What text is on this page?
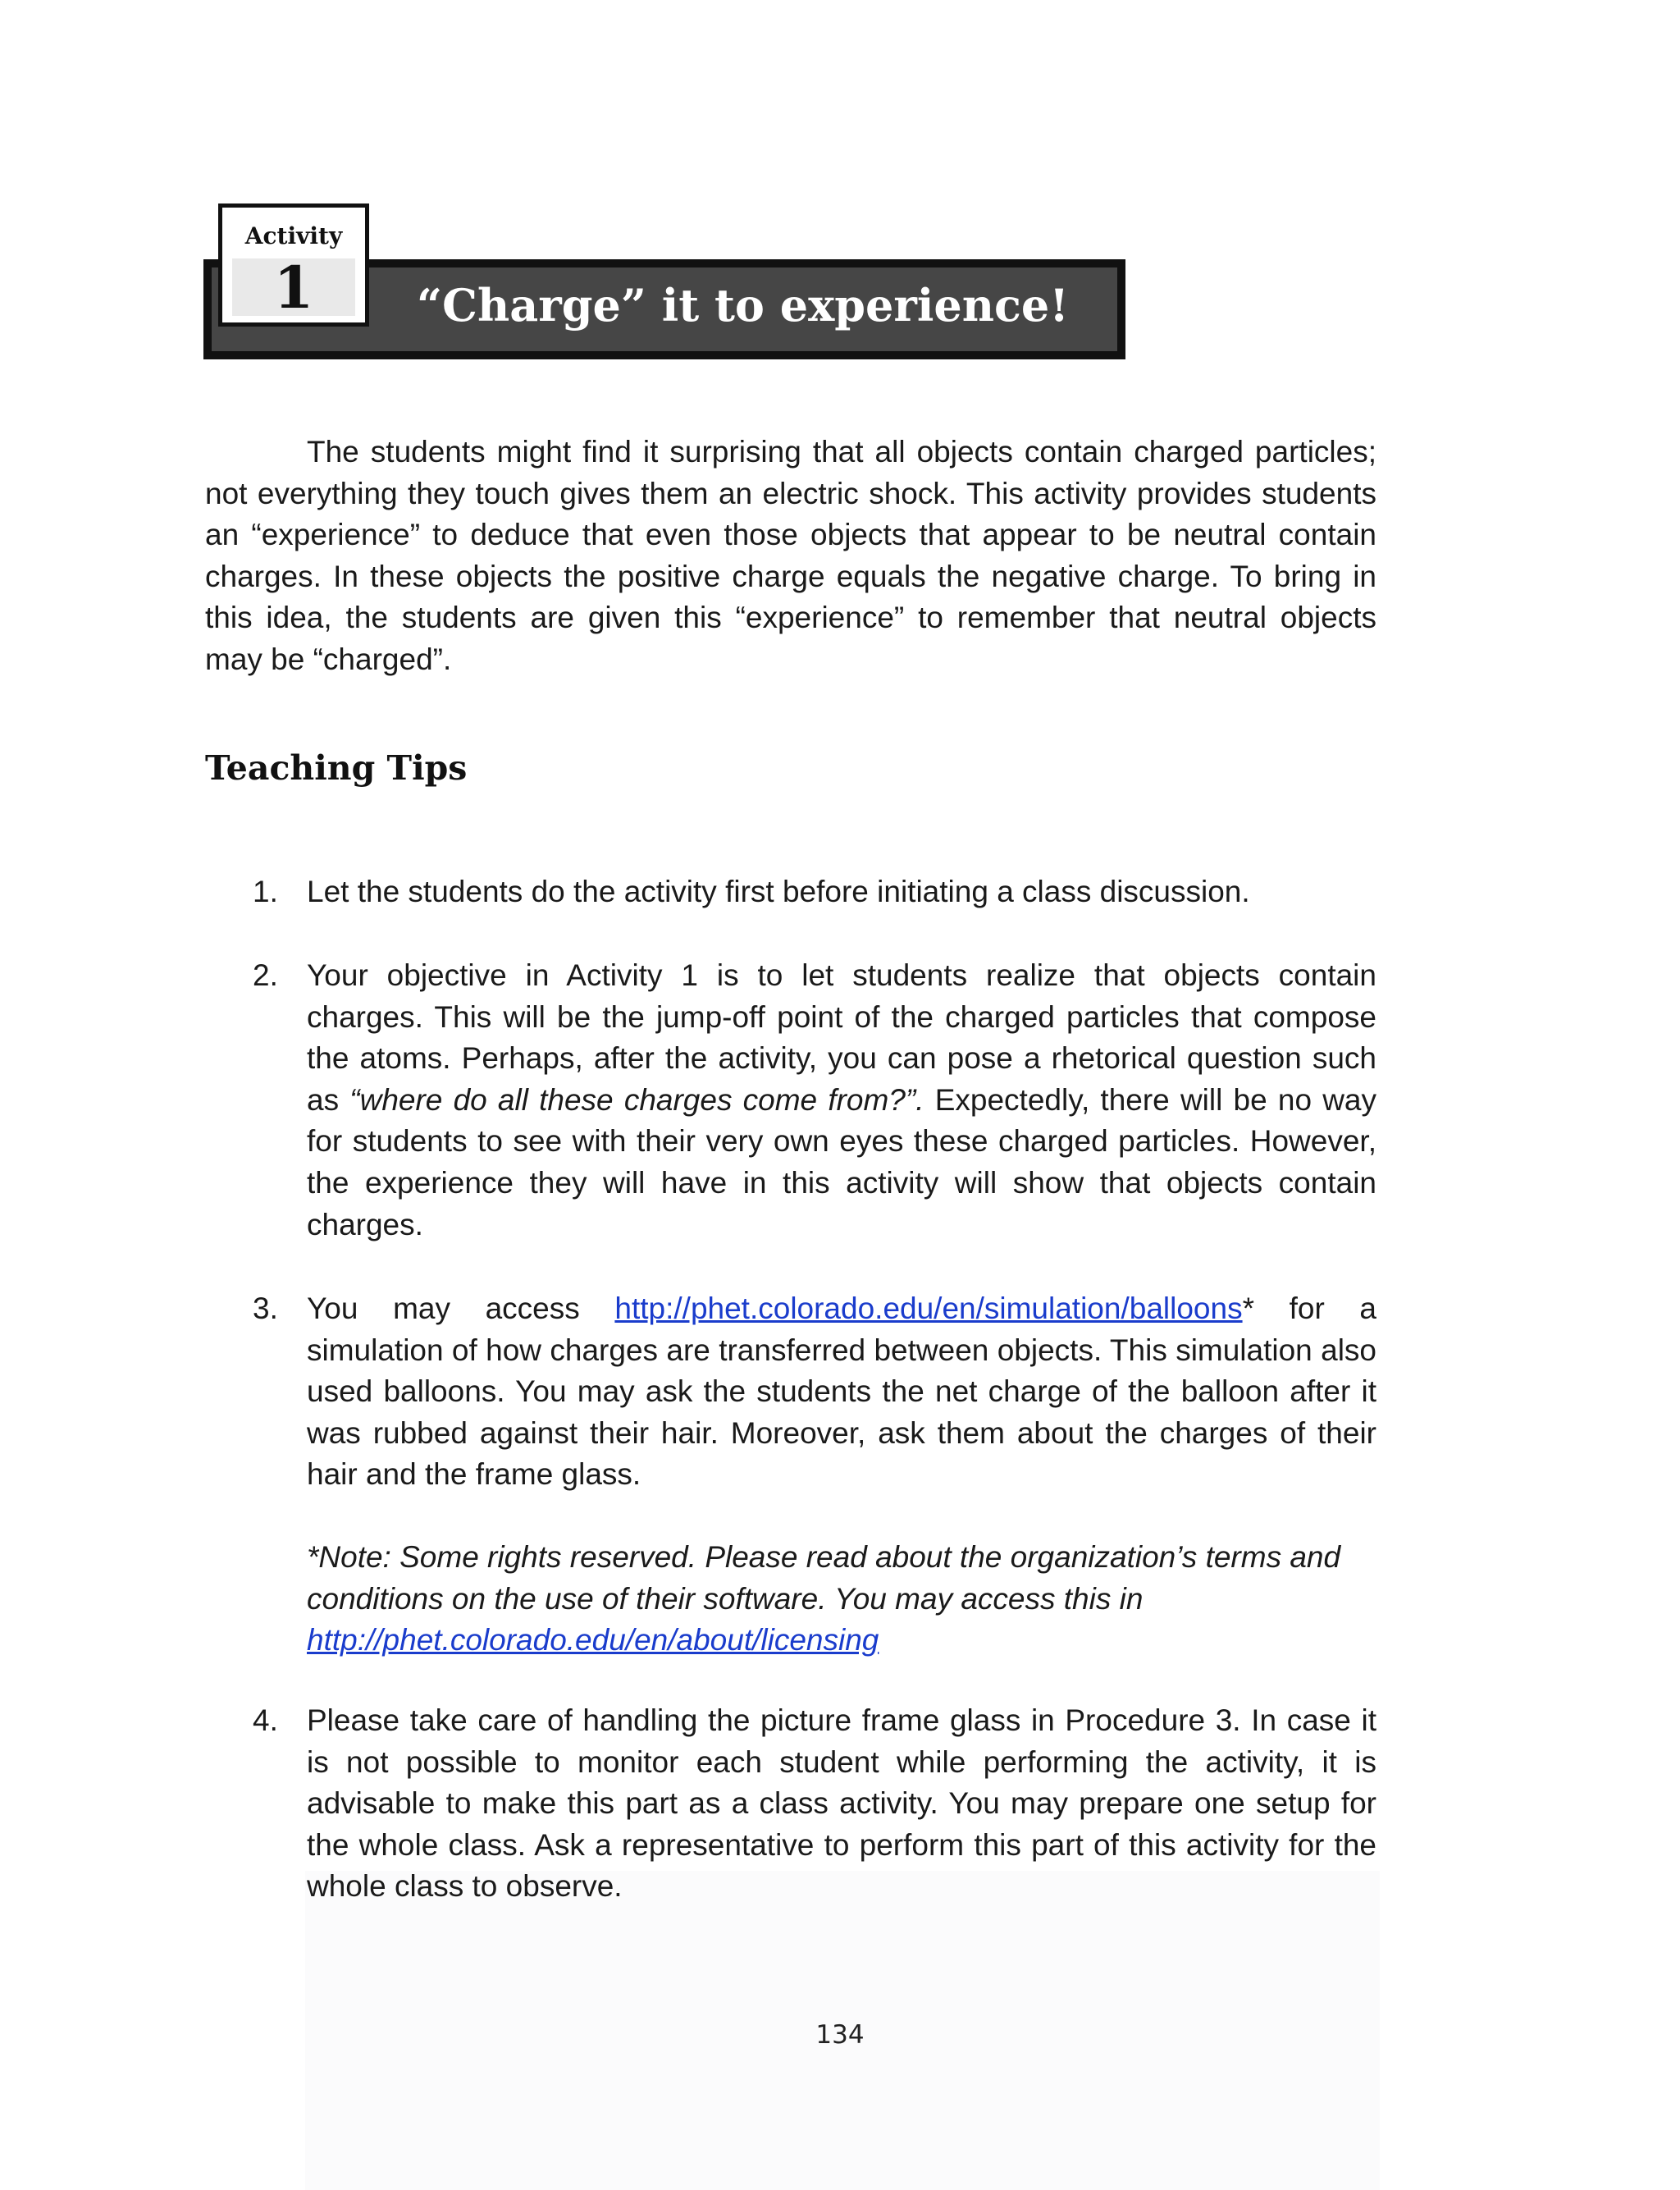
Activity
1	“Charge” it to experience!

The students might find it surprising that all objects contain charged particles; not everything they touch gives them an electric shock. This activity provides students an “experience” to deduce that even those objects that appear to be neutral contain charges. In these objects the positive charge equals the negative charge. To bring in this idea, the students are given this “experience” to remember that neutral objects may be “charged”.

Teaching Tips
1. Let the students do the activity first before initiating a class discussion.

2. Your objective in Activity 1 is to let students realize that objects contain charges. This will be the jump-off point of the charged particles that compose the atoms. Perhaps, after the activity, you can pose a rhetorical question such as “where do all these charges come from?”. Expectedly, there will be no way for students to see with their very own eyes these charged particles. However, the experience they will have in this activity will show that objects contain charges.

3. You may access http://phet.colorado.edu/en/simulation/balloons* for a simulation of how charges are transferred between objects. This simulation also used balloons. You may ask the students the net charge of the balloon after it was rubbed against their hair. Moreover, ask them about the charges of their hair and the frame glass.

*Note: Some rights reserved. Please read about the organization’s terms and conditions on the use of their software. You may access this in
http://phet.colorado.edu/en/about/licensing

4. Please take care of handling the picture frame glass in Procedure 3. In case it is not possible to monitor each student while performing the activity, it is advisable to make this part as a class activity. You may prepare one setup for the whole class. Ask a representative to perform this part of this activity for the whole class to observe.

134
